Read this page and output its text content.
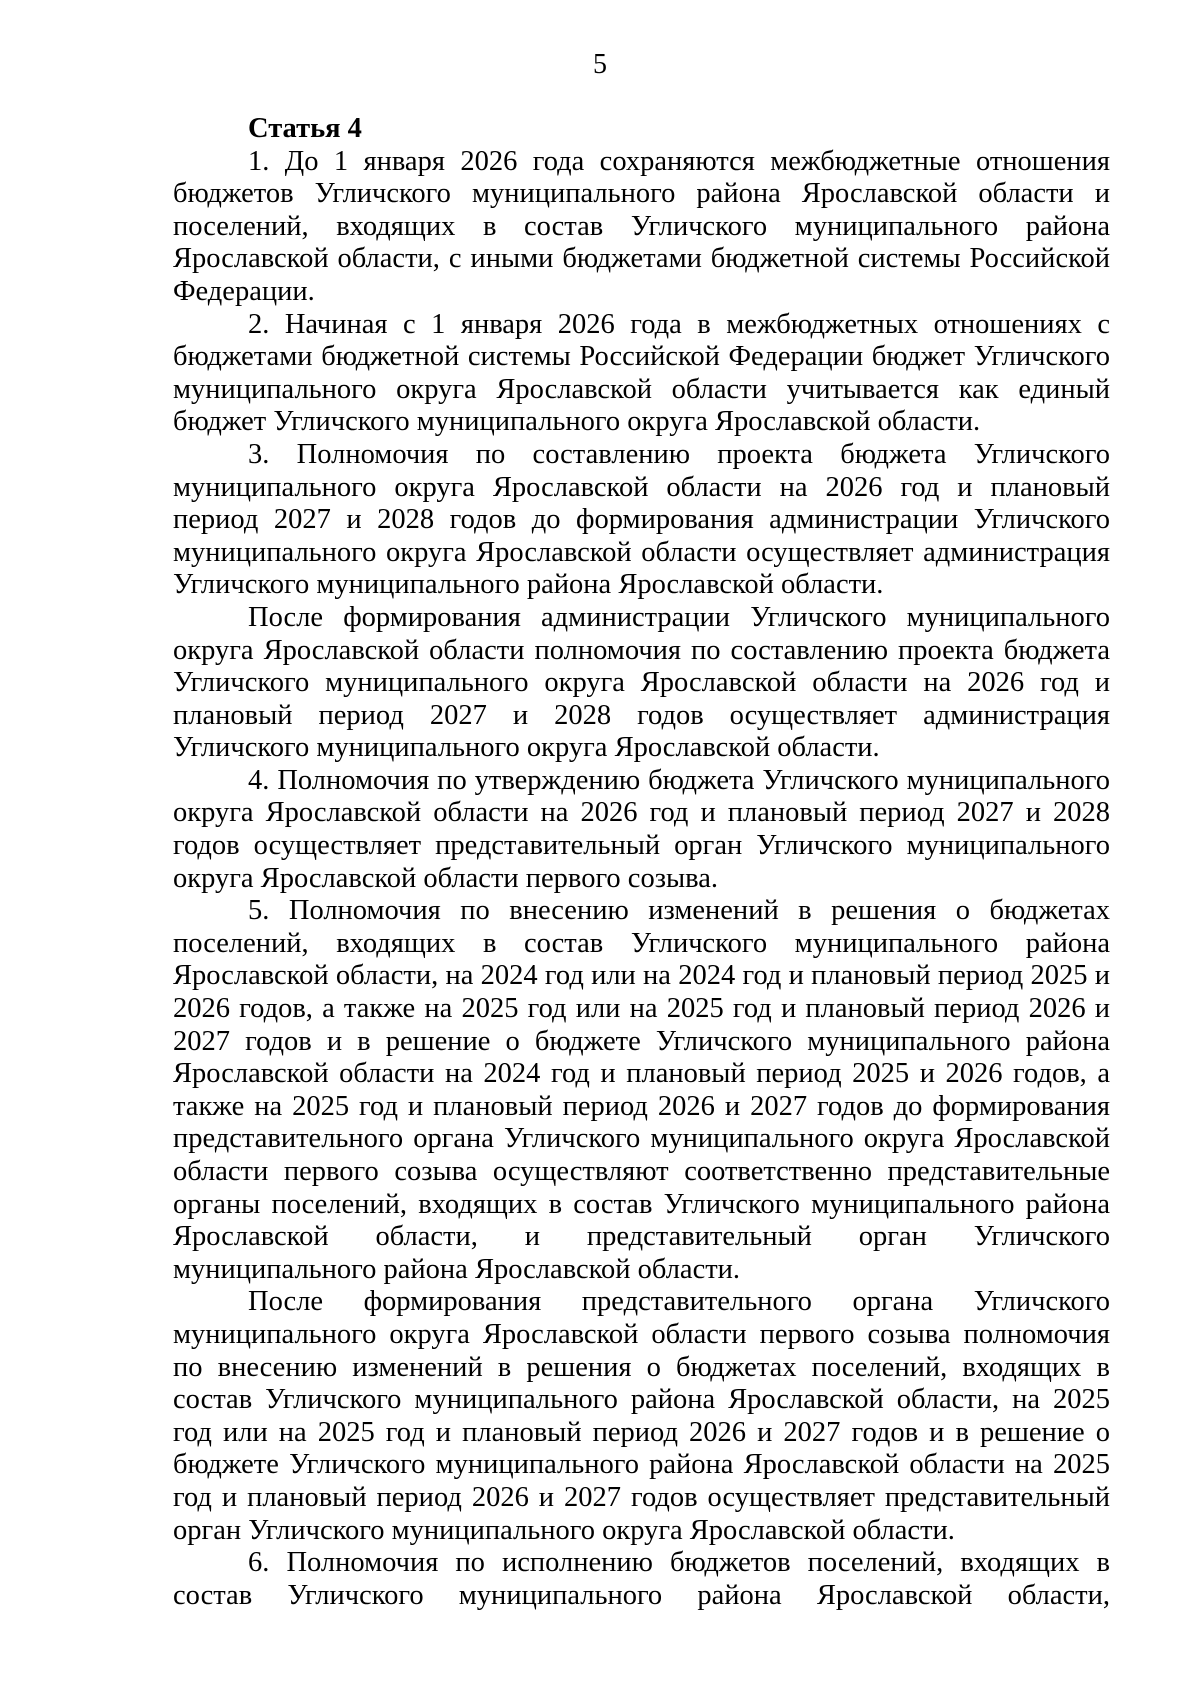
5

Статья 4

1. До 1 января 2026 года сохраняются межбюджетные отношения бюджетов Угличского муниципального района Ярославской области и поселений, входящих в состав Угличского муниципального района Ярославской области, с иными бюджетами бюджетной системы Российской Федерации.

2. Начиная с 1 января 2026 года в межбюджетных отношениях с бюджетами бюджетной системы Российской Федерации бюджет Угличского муниципального округа Ярославской области учитывается как единый бюджет Угличского муниципального округа Ярославской области.

3. Полномочия по составлению проекта бюджета Угличского муниципального округа Ярославской области на 2026 год и плановый период 2027 и 2028 годов до формирования администрации Угличского муниципального округа Ярославской области осуществляет администрация Угличского муниципального района Ярославской области.

После формирования администрации Угличского муниципального округа Ярославской области полномочия по составлению проекта бюджета Угличского муниципального округа Ярославской области на 2026 год и плановый период 2027 и 2028 годов осуществляет администрация Угличского муниципального округа Ярославской области.

4. Полномочия по утверждению бюджета Угличского муниципального округа Ярославской области на 2026 год и плановый период 2027 и 2028 годов осуществляет представительный орган Угличского муниципального округа Ярославской области первого созыва.

5. Полномочия по внесению изменений в решения о бюджетах поселений, входящих в состав Угличского муниципального района Ярославской области, на 2024 год или на 2024 год и плановый период 2025 и 2026 годов, а также на 2025 год или на 2025 год и плановый период 2026 и 2027 годов и в решение о бюджете Угличского муниципального района Ярославской области на 2024 год и плановый период 2025 и 2026 годов, а также на 2025 год и плановый период 2026 и 2027 годов до формирования представительного органа Угличского муниципального округа Ярославской области первого созыва осуществляют соответственно представительные органы поселений, входящих в состав Угличского муниципального района Ярославской области, и представительный орган Угличского муниципального района Ярославской области.

После формирования представительного органа Угличского муниципального округа Ярославской области первого созыва полномочия по внесению изменений в решения о бюджетах поселений, входящих в состав Угличского муниципального района Ярославской области, на 2025 год или на 2025 год и плановый период 2026 и 2027 годов и в решение о бюджете Угличского муниципального района Ярославской области на 2025 год и плановый период 2026 и 2027 годов осуществляет представительный орган Угличского муниципального округа Ярославской области.

6. Полномочия по исполнению бюджетов поселений, входящих в состав Угличского муниципального района Ярославской области,
